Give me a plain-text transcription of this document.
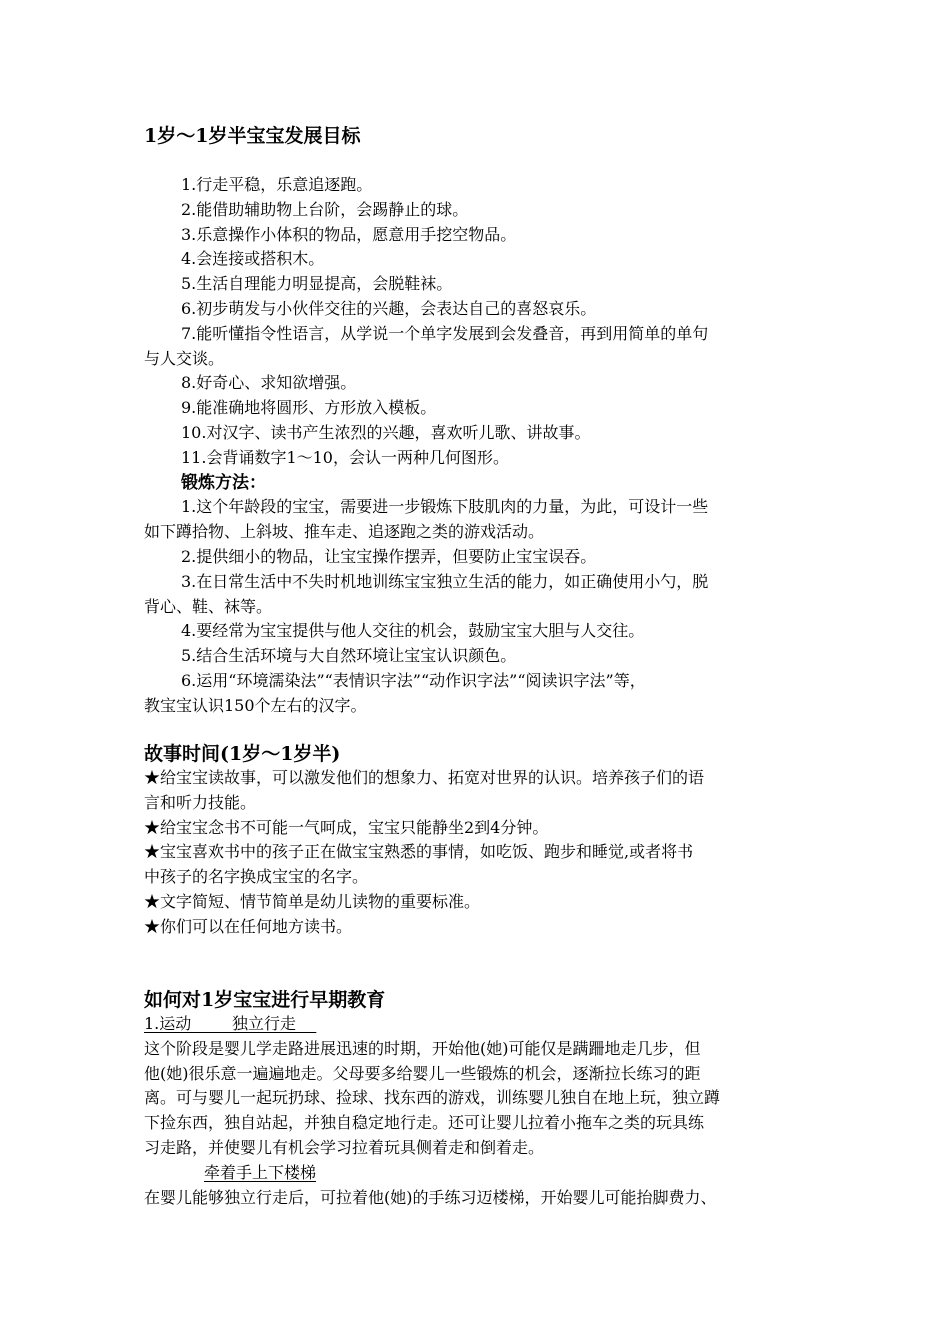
1岁～1岁半宝宝发展目标
1.行走平稳，乐意追逐跑。
2.能借助辅助物上台阶，会踢静止的球。
3.乐意操作小体积的物品，愿意用手挖空物品。
4.会连接或搭积木。
5.生活自理能力明显提高，会脱鞋袜。
6.初步萌发与小伙伴交往的兴趣，会表达自己的喜怒哀乐。
7.能听懂指令性语言，从学说一个单字发展到会发叠音，再到用简单的单句
与人交谈。
8.好奇心、求知欲增强。
9.能准确地将圆形、方形放入模板。
10.对汉字、读书产生浓烈的兴趣，喜欢听儿歌、讲故事。
11.会背诵数字1～10，会认一两种几何图形。
锻炼方法：
1.这个年龄段的宝宝，需要进一步锻炼下肢肌肉的力量，为此，可设计一些
如下蹲拾物、上斜坡、推车走、追逐跑之类的游戏活动。
2.提供细小的物品，让宝宝操作摆弄，但要防止宝宝误吞。
3.在日常生活中不失时机地训练宝宝独立生活的能力，如正确使用小勺，脱
背心、鞋、袜等。
4.要经常为宝宝提供与他人交往的机会，鼓励宝宝大胆与人交往。
5.结合生活环境与大自然环境让宝宝认识颜色。
6.运用“环境濡染法”“表情识字法”“动作识字法”“阅读识字法”等，
教宝宝认识150个左右的汉字。
故事时间(1岁～1岁半)
★给宝宝读故事，可以激发他们的想象力、拓宽对世界的认识。培养孩子们的语
言和听力技能。
★给宝宝念书不可能一气呵成，宝宝只能静坐2到4分钟。
★宝宝喜欢书中的孩子正在做宝宝熟悉的事情，如吃饭、跑步和睡觉,或者将书
中孩子的名字换成宝宝的名字。
★文字简短、情节简单是幼儿读物的重要标准。
★你们可以在任何地方读书。
如何对1岁宝宝进行早期教育
1.运动        独立行走
这个阶段是婴儿学走路进展迅速的时期，开始他(她)可能仅是蹒跚地走几步，但
他(她)很乐意一遍遍地走。父母要多给婴儿一些锻炼的机会，逐渐拉长练习的距
离。可与婴儿一起玩扔球、捡球、找东西的游戏，训练婴儿独自在地上玩，独立蹲
下捡东西，独自站起，并独自稳定地行走。还可让婴儿拉着小拖车之类的玩具练
习走路，并使婴儿有机会学习拉着玩具侧着走和倒着走。
牵着手上下楼梯
在婴儿能够独立行走后，可拉着他(她)的手练习迈楼梯，开始婴儿可能抬脚费力、
